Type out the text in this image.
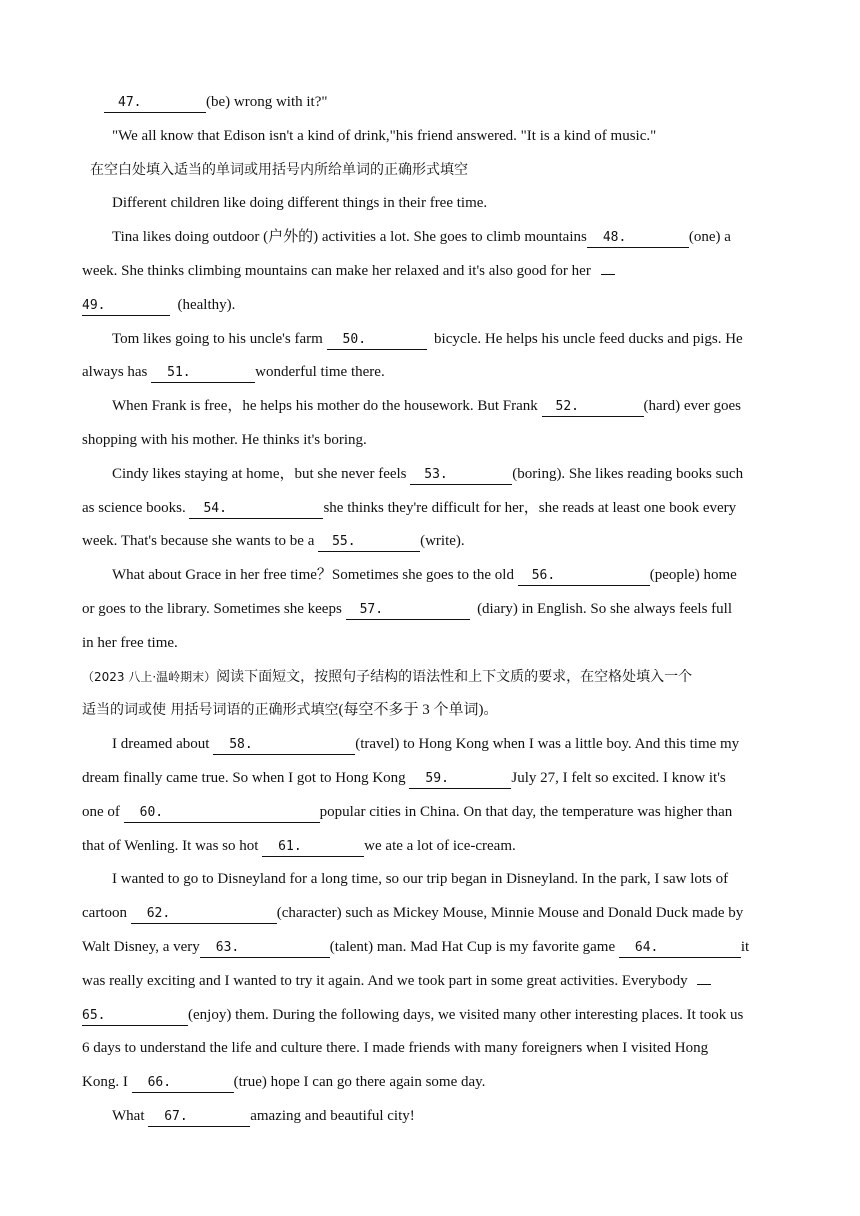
47.	(be) wrong with it?"
"We all know that Edison isn't a kind of drink,"his friend answered. "It is a kind of music."
在空白处填入适当的单词或用括号内所给单词的正确形式填空
Different children like doing different things in their free time.
Tina likes doing outdoor (户外的) activities a lot. She goes to climb mountains 48.	(one) a
week. She thinks climbing mountains can make her relaxed and it's also good for her
49.	(healthy).
Tom likes going to his uncle's farm 50.	bicycle. He helps his uncle feed ducks and pigs. He
always has 51.	wonderful time there.
When Frank is free，he helps his mother do the housework. But Frank 52.	(hard) ever goes
shopping with his mother. He thinks it's boring.
Cindy likes staying at home，but she never feels 53.	(boring). She likes reading books such
as science books. 54.	she thinks they're difficult for her，she reads at least one book every
week. That's because she wants to be a 55.	(write).
What about Grace in her free time？Sometimes she goes to the old 56.	(people) home
or goes to the library. Sometimes she keeps 57.	(diary) in English. So she always feels full
in her free time.
（2023 八上·温岭期末）阅读下面短文，按照句子结构的语法性和上下文质的要求，在空格处填入一个
适当的词或使 用括号词语的正确形式填空(每空不多于 3 个单词)。
I dreamed about 58.	(travel) to Hong Kong when I was a little boy. And this time my
dream finally came true. So when I got to Hong Kong 59.	July 27, I felt so excited. I know it's
one of 60.	popular cities in China. On that day, the temperature was higher than
that of Wenling. It was so hot 61.	we ate a lot of ice-cream.
I wanted to go to Disneyland for a long time, so our trip began in Disneyland. In the park, I saw lots of
cartoon 62.	(character) such as Mickey Mouse, Minnie Mouse and Donald Duck made by
Walt Disney, a very 63.	(talent) man. Mad Hat Cup is my favorite game 64.	it
was really exciting and I wanted to try it again. And we took part in some great activities. Everybody
65.	(enjoy) them. During the following days, we visited many other interesting places. It took us
6 days to understand the life and culture there. I made friends with many foreigners when I visited Hong
Kong. I 66.	(true) hope I can go there again some day.
What 67.	amazing and beautiful city!
